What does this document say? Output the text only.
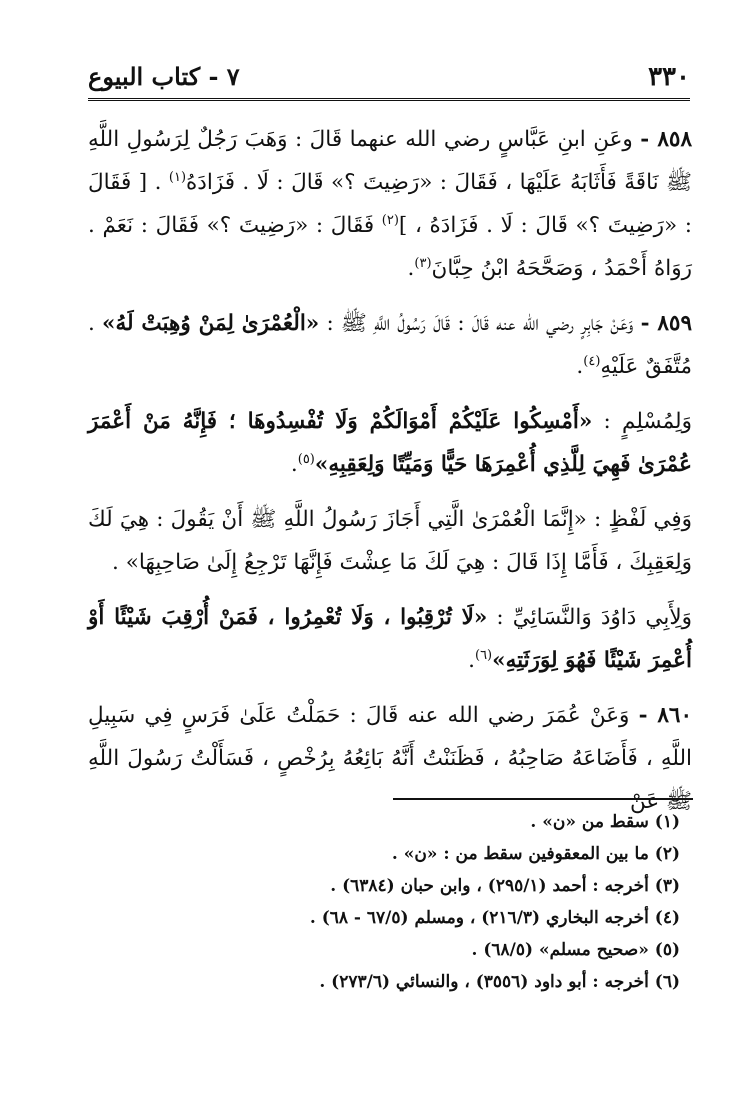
٣٣٠
٧ - كتاب البيوع

٨٥٨ - وعَنِ ابنِ عَبَّاسٍ رضي الله عنهما قَالَ : وَهَبَ رَجُلٌ لِرَسُولِ اللَّهِ ﷺ نَاقَةً فَأَثَابَهُ عَلَيْهَا ، فَقَالَ : «رَضِيتَ ؟» قَالَ : لَا . فَزَادَهُ$^{(١)}$ . [ فَقَالَ : «رَضِيتَ ؟» قَالَ : لَا . فَزَادَهُ ، ]$^{(٢)}$ فَقَالَ : «رَضِيتَ ؟» فَقَالَ : نَعَمْ . رَوَاهُ أَحْمَدُ ، وَصَحَّحَهُ ابْنُ حِبَّانَ$^{(٣)}$.

٨٥٩ - وَعَنْ جَابِرٍ رضي الله عنه قَالَ : قَالَ رَسُولُ اللَّهِ ﷺ : «الْعُمْرَىٰ لِمَنْ وُهِبَتْ لَهُ» . مُتَّفَقٌ عَلَيْهِ$^{(٤)}$.

وَلِمُسْلِمٍ : «أَمْسِكُوا عَلَيْكُمْ أَمْوَالَكُمْ وَلَا تُفْسِدُوهَا ؛ فَإِنَّهُ مَنْ أَعْمَرَ عُمْرَىٰ فَهِيَ لِلَّذِي أُعْمِرَهَا حَيًّا وَمَيِّتًا وَلِعَقِبِهِ»$^{(٥)}$.

وَفِي لَفْظٍ : «إِنَّمَا الْعُمْرَىٰ الَّتِي أَجَازَ رَسُولُ اللَّهِ ﷺ أَنْ يَقُولَ : هِيَ لَكَ وَلِعَقِبِكَ ، فَأَمَّا إِذَا قَالَ : هِيَ لَكَ مَا عِشْتَ فَإِنَّهَا تَرْجِعُ إِلَىٰ صَاحِبِهَا» .

وَلِأَبِي دَاوُدَ وَالنَّسَائِيِّ : «لَا تُرْقِبُوا ، وَلَا تُعْمِرُوا ، فَمَنْ أُرْقِبَ شَيْئًا أَوْ أُعْمِرَ شَيْئًا فَهُوَ لِوَرَثَتِهِ»$^{(٦)}$.

٨٦٠ - وَعَنْ عُمَرَ رضي الله عنه قَالَ : حَمَلْتُ عَلَىٰ فَرَسٍ فِي سَبِيلِ اللَّهِ ، فَأَضَاعَهُ صَاحِبُهُ ، فَظَنَنْتُ أَنَّهُ بَائِعُهُ بِرُخْصٍ ، فَسَأَلْتُ رَسُولَ اللَّهِ ﷺ عَنْ

(١) سقط من «ن» .
(٢) ما بين المعقوفين سقط من : «ن» .
(٣) أخرجه : أحمد (٢٩٥/١) ، وابن حبان (٦٣٨٤) .
(٤) أخرجه البخاري (٢١٦/٣) ، ومسلم (٦٧/٥ - ٦٨) .
(٥) «صحيح مسلم» (٦٨/٥) .
(٦) أخرجه : أبو داود (٣٥٥٦) ، والنسائي (٢٧٣/٦) .
